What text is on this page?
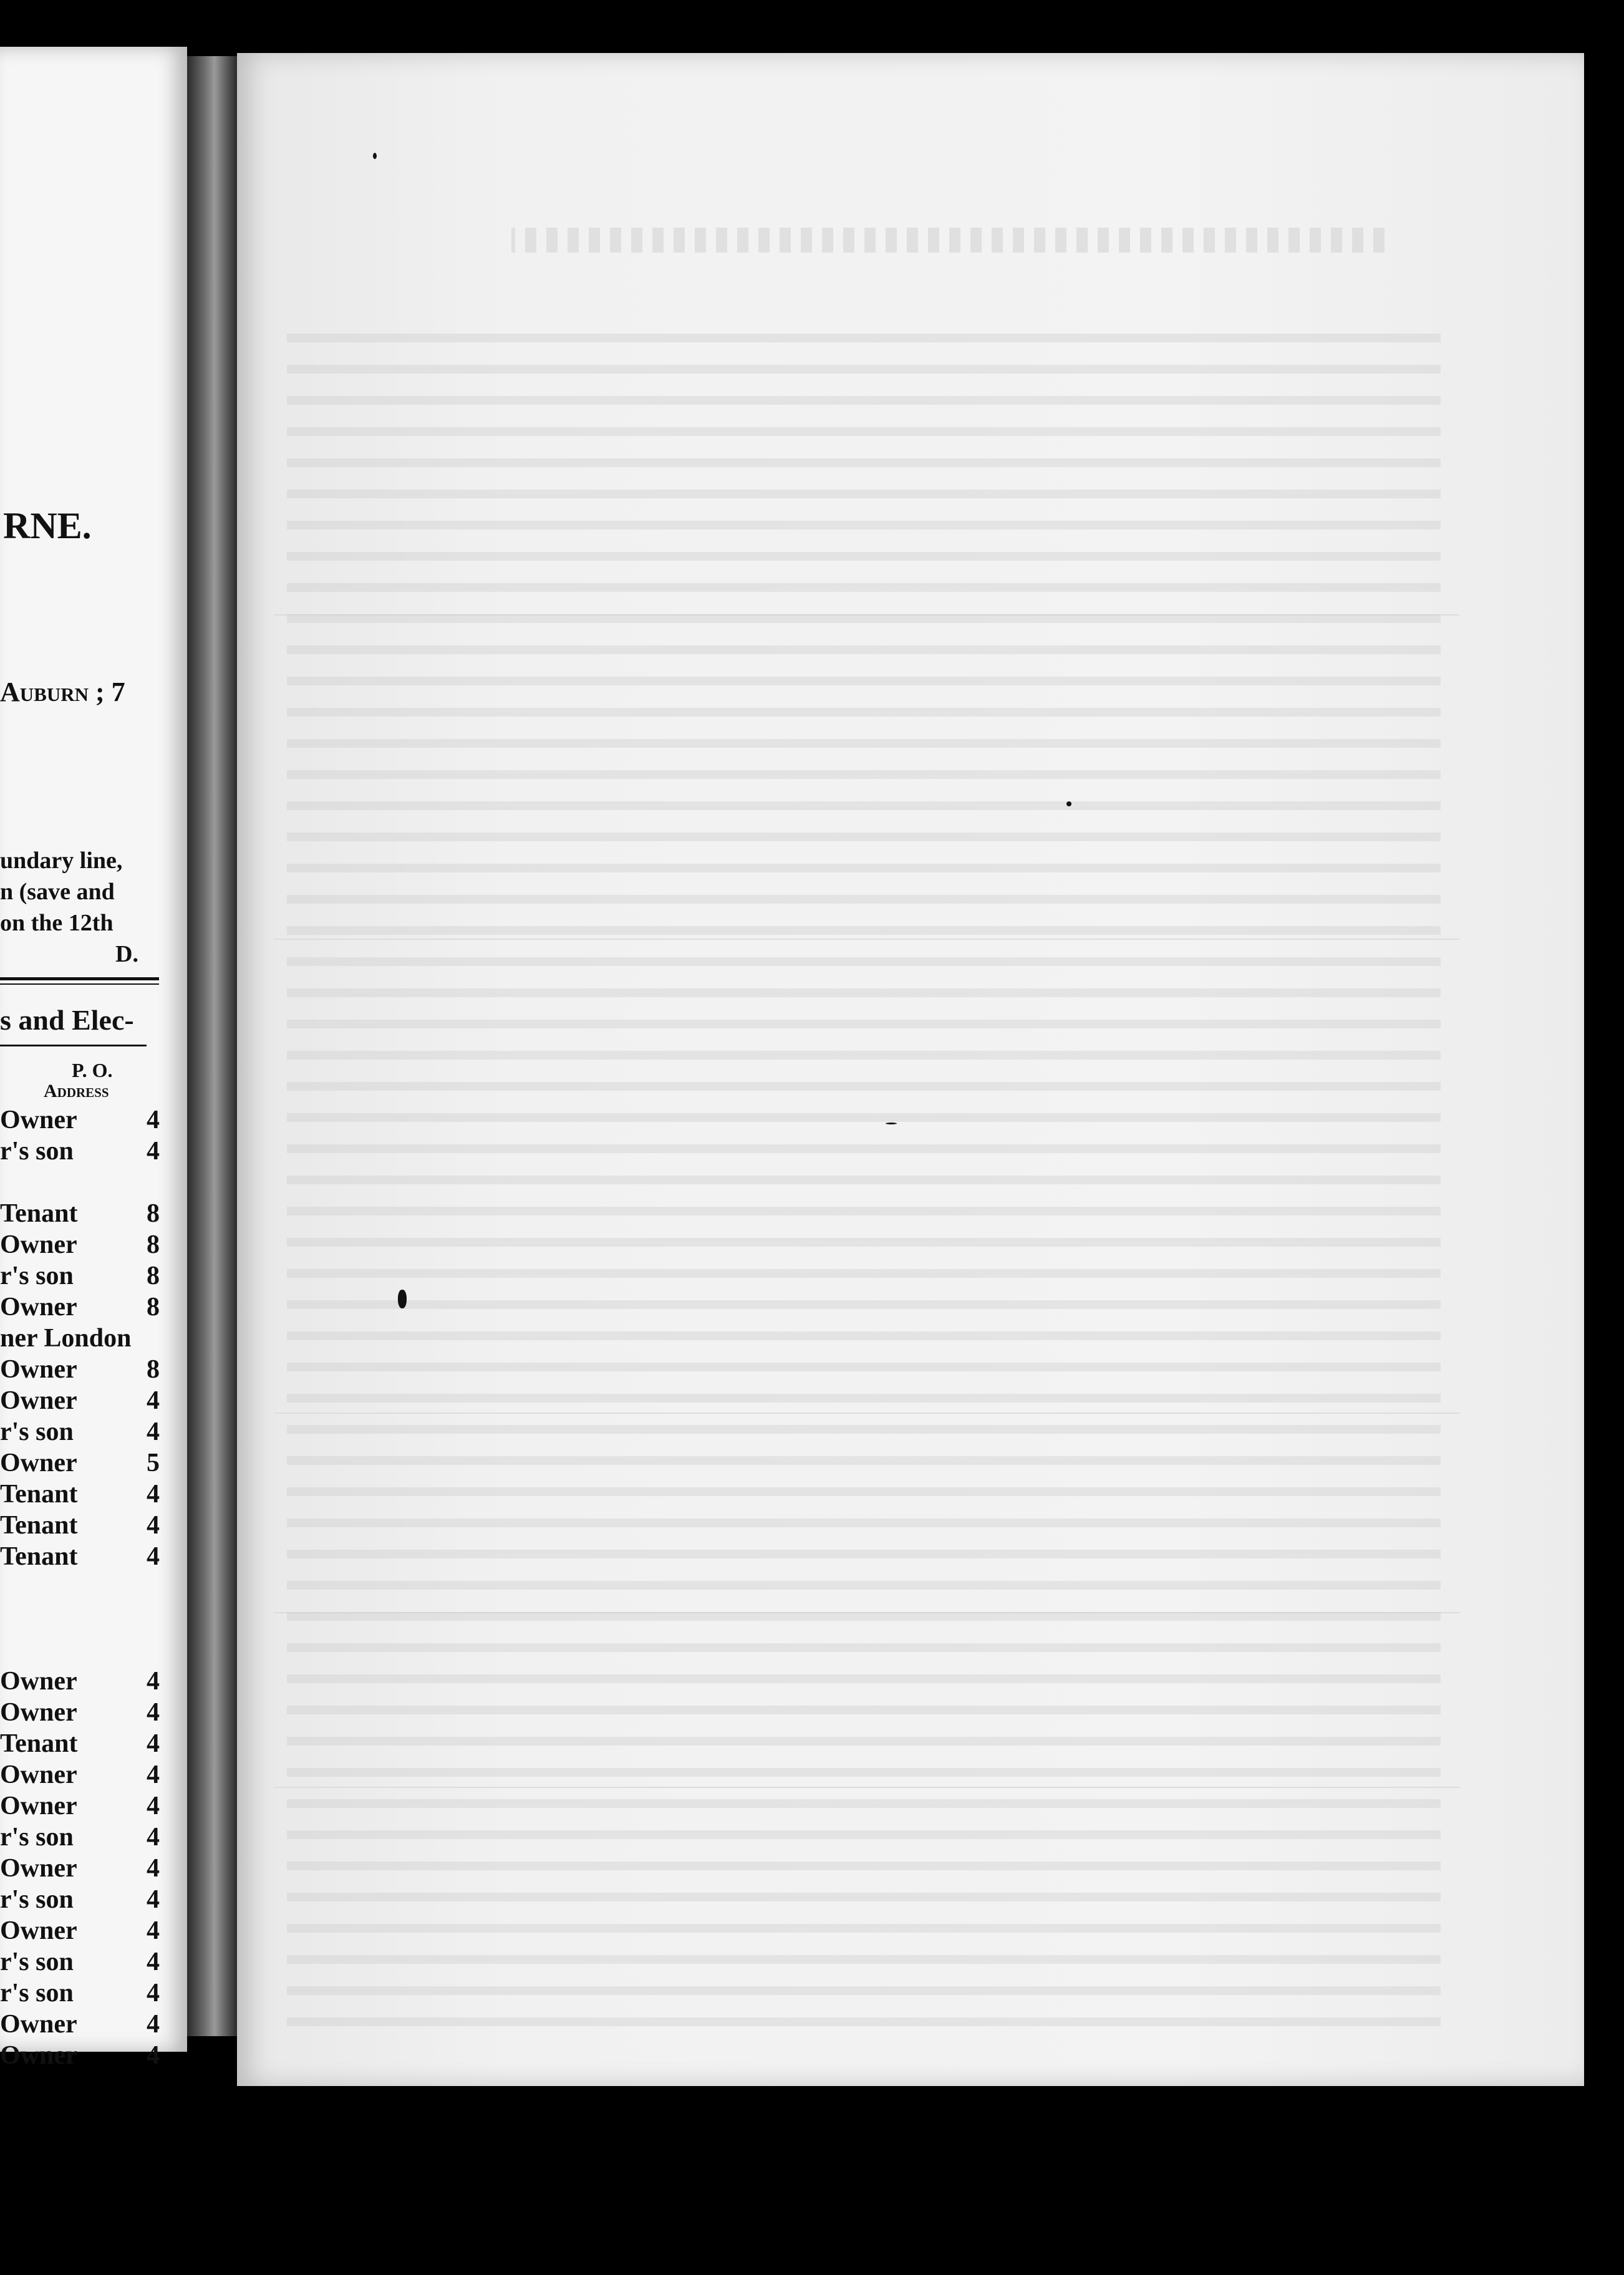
RNE.
Auburn ; 7
undary line,
n (save and
on the 12th
D.
s and Elec-
P. O.
Address
Owner	4
r's son	4
Tenant	8
Owner	8
r's son	8
Owner	8
ner London
Owner	8
Owner	4
r's son	4
Owner	5
Tenant	4
Tenant	4
Tenant	4
Owner	4
Owner	4
Tenant	4
Owner	4
Owner	4
r's son	4
Owner	4
r's son	4
Owner	4
r's son	4
r's son	4
Owner	4
Owner	4
